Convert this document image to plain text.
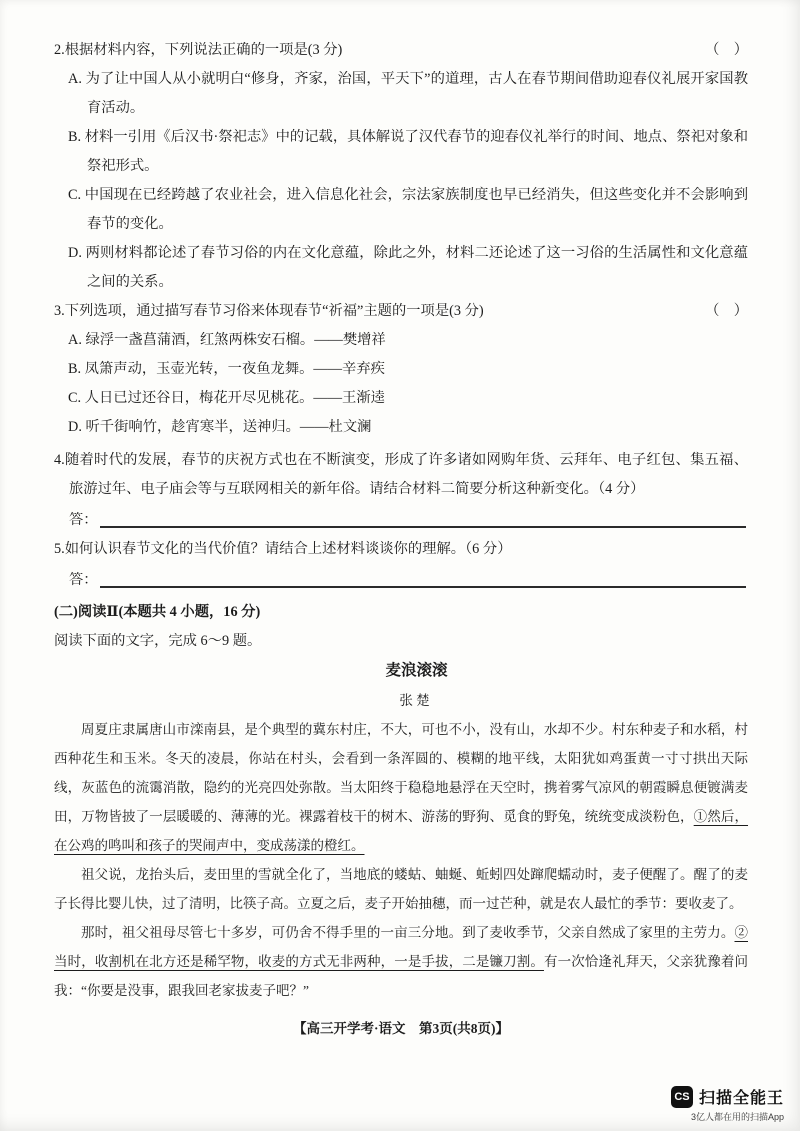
2.根据材料内容，下列说法正确的一项是(3 分)	（　）
A. 为了让中国人从小就明白“修身，齐家，治国，平天下”的道理，古人在春节期间借助迎春仪礼展开家国教育活动。
B. 材料一引用《后汉书·祭祀志》中的记载，具体解说了汉代春节的迎春仪礼举行的时间、地点、祭祀对象和祭祀形式。
C. 中国现在已经跨越了农业社会，进入信息化社会，宗法家族制度也早已经消失，但这些变化并不会影响到春节的变化。
D. 两则材料都论述了春节习俗的内在文化意蕴，除此之外，材料二还论述了这一习俗的生活属性和文化意蕴之间的关系。
3.下列选项，通过描写春节习俗来体现春节“祈福”主题的一项是(3 分)	（　）
A. 绿浮一盏菖蒲酒，红煞两株安石榴。——樊增祥
B. 凤箫声动，玉壶光转，一夜鱼龙舞。——辛弃疾
C. 人日已过还谷日，梅花开尽见桃花。——王渐逵
D. 听千街响竹，趁宵寒半，送神归。——杜文澜
4.随着时代的发展，春节的庆祝方式也在不断演变，形成了许多诸如网购年货、云拜年、电子红包、集五福、旅游过年、电子庙会等与互联网相关的新年俗。请结合材料二简要分析这种新变化。（4 分）
答：
5.如何认识春节文化的当代价值？请结合上述材料谈谈你的理解。（6 分）
答：
(二)阅读Ⅱ(本题共 4 小题，16 分)
阅读下面的文字，完成 6～9 题。

麦浪滚滚

张 楚

周夏庄隶属唐山市滦南县，是个典型的冀东村庄，不大，可也不小，没有山，水却不少。村东种麦子和水稻，村西种花生和玉米。冬天的凌晨，你站在村头，会看到一条浑圆的、模糊的地平线，太阳犹如鸡蛋黄一寸寸拱出天际线，灰蓝色的流霭消散，隐约的光亮四处弥散。当太阳终于稳稳地悬浮在天空时，携着雾气凉风的朝霞瞬息便镀满麦田，万物皆披了一层暖暖的、薄薄的光。裸露着枝干的树木、游荡的野狗、觅食的野兔，统统变成淡粉色，①然后，在公鸡的鸣叫和孩子的哭闹声中，变成荡漾的橙红。

祖父说，龙抬头后，麦田里的雪就全化了，当地底的蝼蛄、蚰蜒、蚯蚓四处蹿爬蠕动时，麦子便醒了。醒了的麦子长得比婴儿快，过了清明，比筷子高。立夏之后，麦子开始抽穗，而一过芒种，就是农人最忙的季节：要收麦了。

那时，祖父祖母尽管七十多岁，可仍舍不得手里的一亩三分地。到了麦收季节，父亲自然成了家里的主劳力。②当时，收割机在北方还是稀罕物，收麦的方式无非两种，一是手拔，二是镰刀割。有一次恰逢礼拜天，父亲犹豫着问我：“你要是没事，跟我回老家拔麦子吧？”

【高三开学考·语文　第3页(共8页)】
CS 扫描全能王
3亿人都在用的扫描App
